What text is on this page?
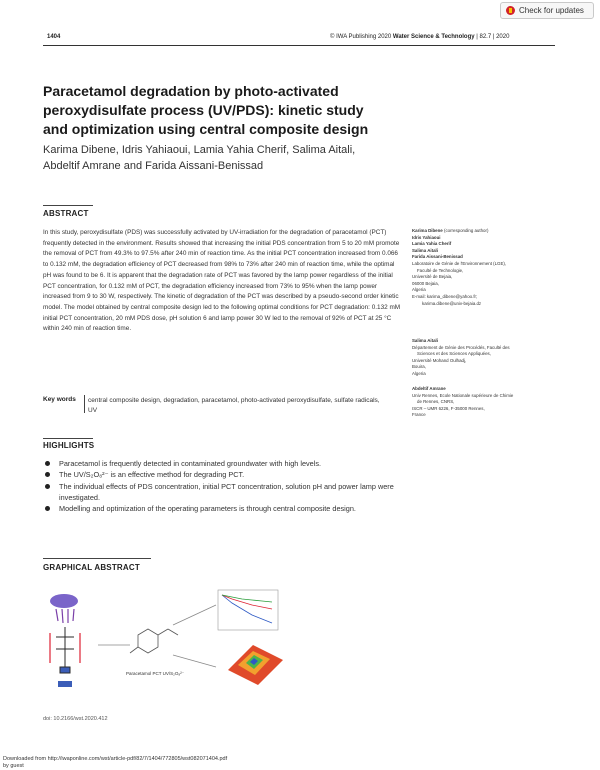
Check for updates
1404	© IWA Publishing 2020 Water Science & Technology | 82.7 | 2020
Paracetamol degradation by photo-activated peroxydisulfate process (UV/PDS): kinetic study and optimization using central composite design
Karima Dibene, Idris Yahiaoui, Lamia Yahia Cherif, Salima Aitali, Abdeltif Amrane and Farida Aissani-Benissad
ABSTRACT
In this study, peroxydisulfate (PDS) was successfully activated by UV-irradiation for the degradation of paracetamol (PCT) frequently detected in the environment. Results showed that increasing the initial PDS concentration from 5 to 20 mM promote the removal of PCT from 49.3% to 97.5% after 240 min of reaction time. As the initial PCT concentration increased from 0.066 to 0.132 mM, the degradation efficiency of PCT decreased from 98% to 73% after 240 min of reaction time, while the optimal pH was found to be 6. It is apparent that the degradation rate of PCT was favored by the lamp power regardless of the initial PCT concentration, for 0.132 mM of PCT, the degradation efficiency increased from 73% to 95% when the lamp power increased from 9 to 30 W, respectively. The kinetic of degradation of the PCT was described by a pseudo-second order kinetic model. The model obtained by central composite design led to the following optimal conditions for PCT degradation: 0.132 mM initial PCT concentration, 20 mM PDS dose, pH solution 6 and lamp power 30 W led to the removal of 92% of PCT at 25 °C within 240 min of reaction time.
Key words central composite design, degradation, paracetamol, photo-activated peroxydisulfate, sulfate radicals, UV
Karima Dibene (corresponding author)
Idris Yahiaoui
Lamia Yahia Cherif
Salima Aitali
Farida Aissani-Benissad
Laboratoire de Génie de l'Environnement (LGE),
Faculté de Technologie,
Université de Bejaia,
06000 Bejaia,
Algeria
E-mail: karima_dibene@yahoo.fr;
karima.dibene@univ-bejaia.dz
Salima Aitali
Département de Génie des Procédés, Faculté des
Sciences et des Sciences Appliquées,
Université Mohand Oulhadj,
Bouira,
Algeria
Abdeltif Amrane
Univ Rennes, Ecole Nationale supérieure de Chimie
de Rennes, CNRS,
ISCR – UMR 6226, F-35000 Rennes,
France
HIGHLIGHTS
Paracetamol is frequently detected in contaminated groundwater with high levels.
The UV/S₂O₈²⁻ is an effective method for degrading PCT.
The individual effects of PDS concentration, initial PCT concentration, solution pH and power lamp were investigated.
Modelling and optimization of the operating parameters is through central composite design.
GRAPHICAL ABSTRACT
Paracetamol PCT UV/S₂O₈²⁻
doi: 10.2166/wst.2020.412
Downloaded from http://iwaponline.com/wst/article-pdf/82/7/1404/772805/wst082071404.pdf
by guest
